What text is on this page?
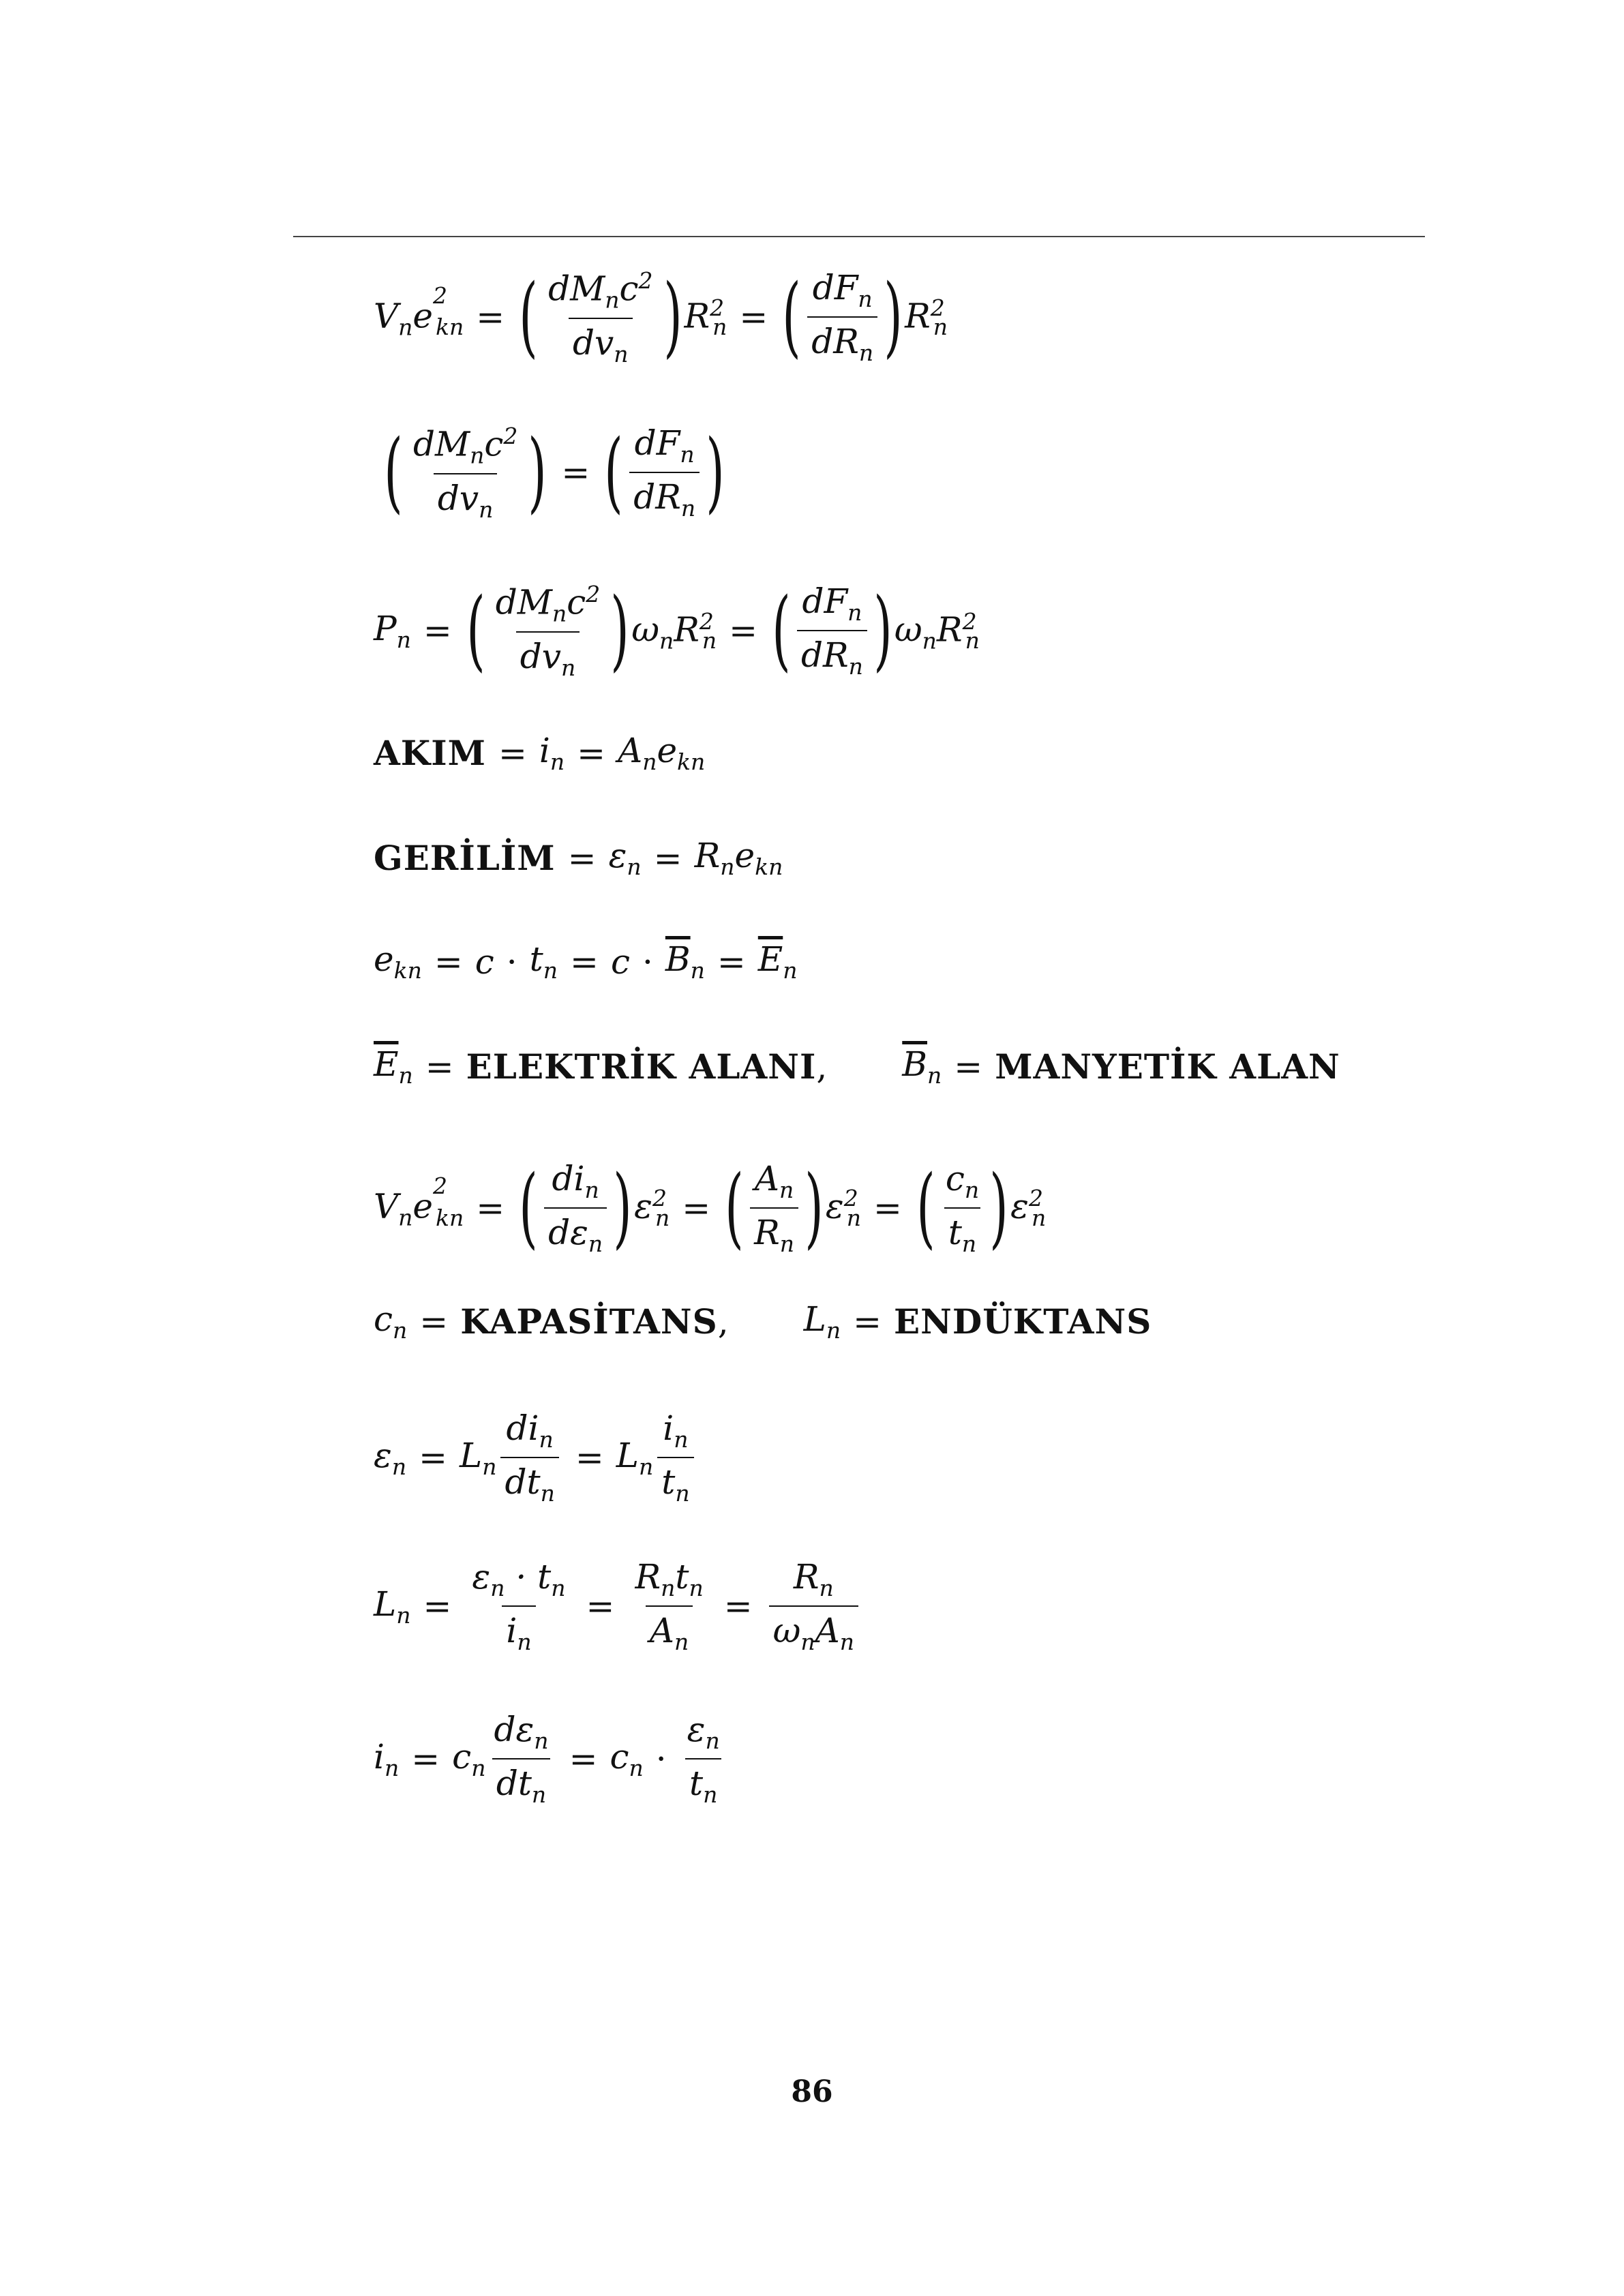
$V_ne^2_{kn}$ = ( $\frac{dM_nc^2}{dv_n}$ ) $R^2_n$ = ( $\frac{dF_n}{dR_n}$ ) $R^2_n$
( $\frac{dM_nc^2}{dv_n}$ ) = ( $\frac{dF_n}{dR_n}$ )
$P_n$ = ( $\frac{dM_nc^2}{dv_n}$ ) $\omega_nR^2_n$ = ( $\frac{dF_n}{dR_n}$ ) $\omega_nR^2_n$
AKIM = $i_n = A_ne_{kn}$
GERİLİM = $\varepsilon_n = R_ne_{kn}$
$e_{kn} = c \cdot t_n = c \cdot \overline{B}_n = \overline{E}_n$
$\overline{E}_n$ = ELEKTRİK ALANI , $\overline{B}_n$ = MANYETİK ALAN
$V_ne^2_{kn}$ = ( $\frac{di_n}{d\varepsilon_n}$ ) $\varepsilon^2_n$ = ( $\frac{A_n}{R_n}$ ) $\varepsilon^2_n$ = ( $\frac{c_n}{t_n}$ ) $\varepsilon^2_n$
$c_n$ = KAPASİTANS , $L_n$ = ENDÜKTANS
$\varepsilon_n = L_n \frac{di_n}{dt_n} = L_n \frac{i_n}{t_n}$
$L_n = \frac{\varepsilon_n \cdot t_n}{i_n} = \frac{R_nt_n}{A_n} = \frac{R_n}{\omega_nA_n}$
$i_n = c_n \frac{d\varepsilon_n}{dt_n} = c_n \cdot \frac{\varepsilon_n}{t_n}$
86
